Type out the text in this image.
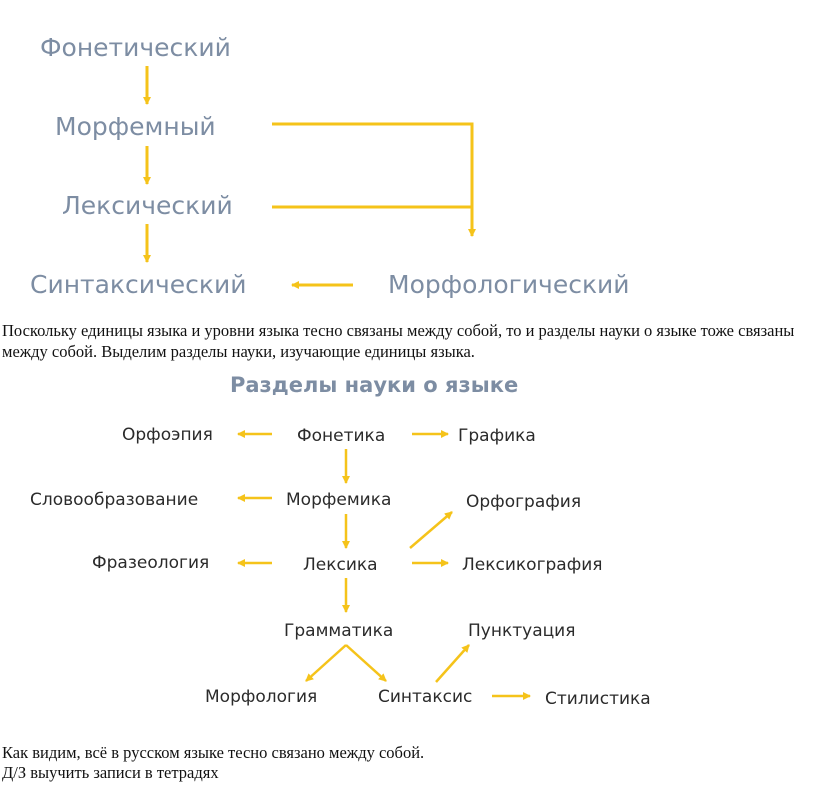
Фонетический
Морфемный
Лексический
Синтаксический	Морфологический
Разделы науки о языке
Орфоэпия	Фонетика	Графика
Словообразование	Морфемика	Орфография
Фразеология	Лексика	Лексикография
Грамматика	Пунктуация
Морфология	Синтаксис	Стилистика

Поскольку единицы языка и уровни языка тесно связаны между собой, то и разделы науки о языке тоже связаны между собой. Выделим разделы науки, изучающие единицы языка.

Как видим, всё в русском языке тесно связано между собой.

Д/З выучить записи в тетрадях
